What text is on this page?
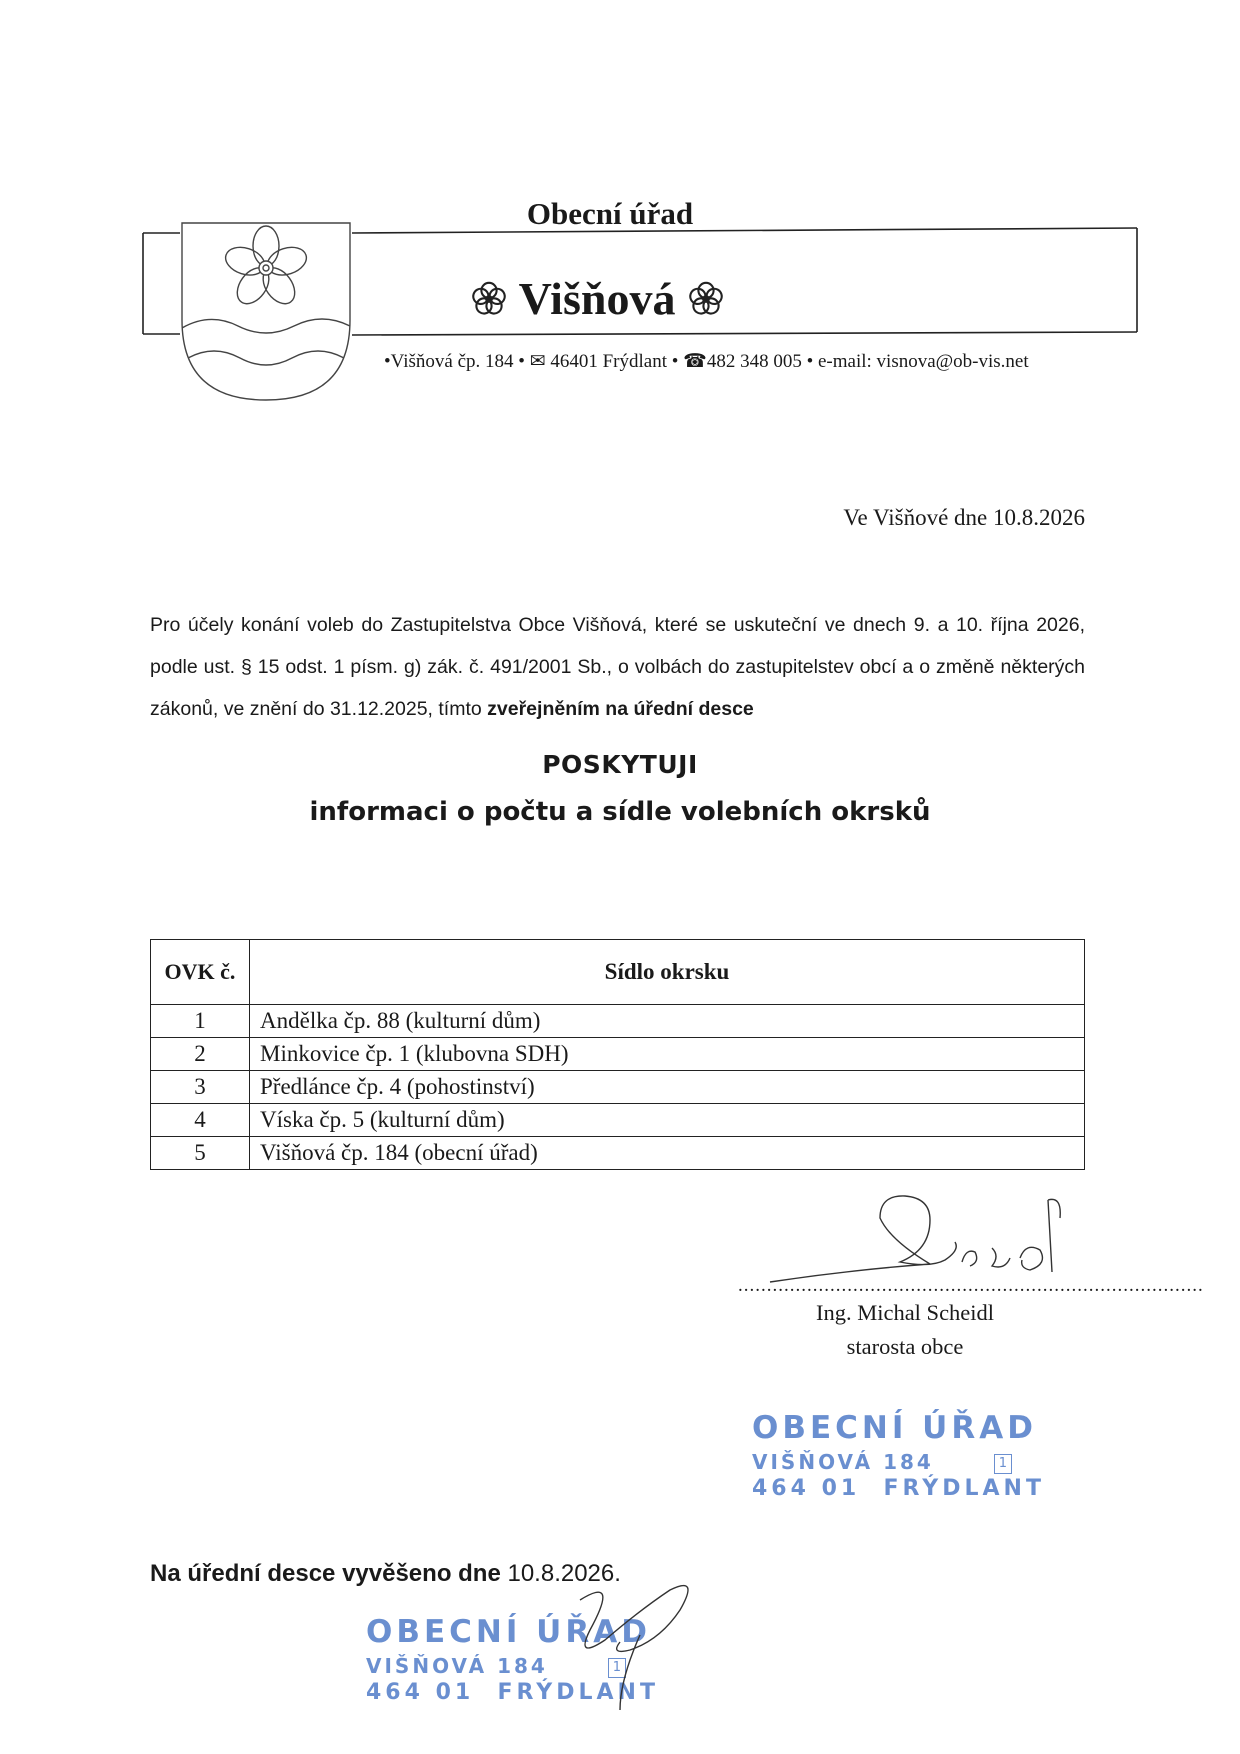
Obecní úřad
Višňová
•Višňová čp. 184 • ✉ 46401 Frýdlant • ☎482 348 005 • e-mail: visnova@ob-vis.net
Ve Višňové dne 10.8.2026
Pro účely konání voleb do Zastupitelstva Obce Višňová, které se uskuteční ve dnech 9. a 10. října 2026, podle ust. § 15 odst. 1 písm. g) zák. č. 491/2001 Sb., o volbách do zastupitelstev obcí a o změně některých zákonů, ve znění do 31.12.2025, tímto zveřejněním na úřední desce
POSKYTUJI
informaci o počtu a sídle volebních okrsků
OVK č.	Sídlo okrsku
1	Andělka čp. 88 (kulturní dům)
2	Minkovice čp. 1 (klubovna SDH)
3	Předlánce čp. 4 (pohostinství)
4	Víska čp. 5 (kulturní dům)
5	Višňová čp. 184 (obecní úřad)
.................................................................................
Ing. Michal Scheidl
starosta obce
OBECNÍ ÚŘAD
VIŠŇOVÁ 184	1
464 01 FRÝDLANT
Na úřední desce vyvěšeno dne 10.8.2026.
OBECNÍ ÚŘAD
VIŠŇOVÁ 184	1
464 01 FRÝDLANT
